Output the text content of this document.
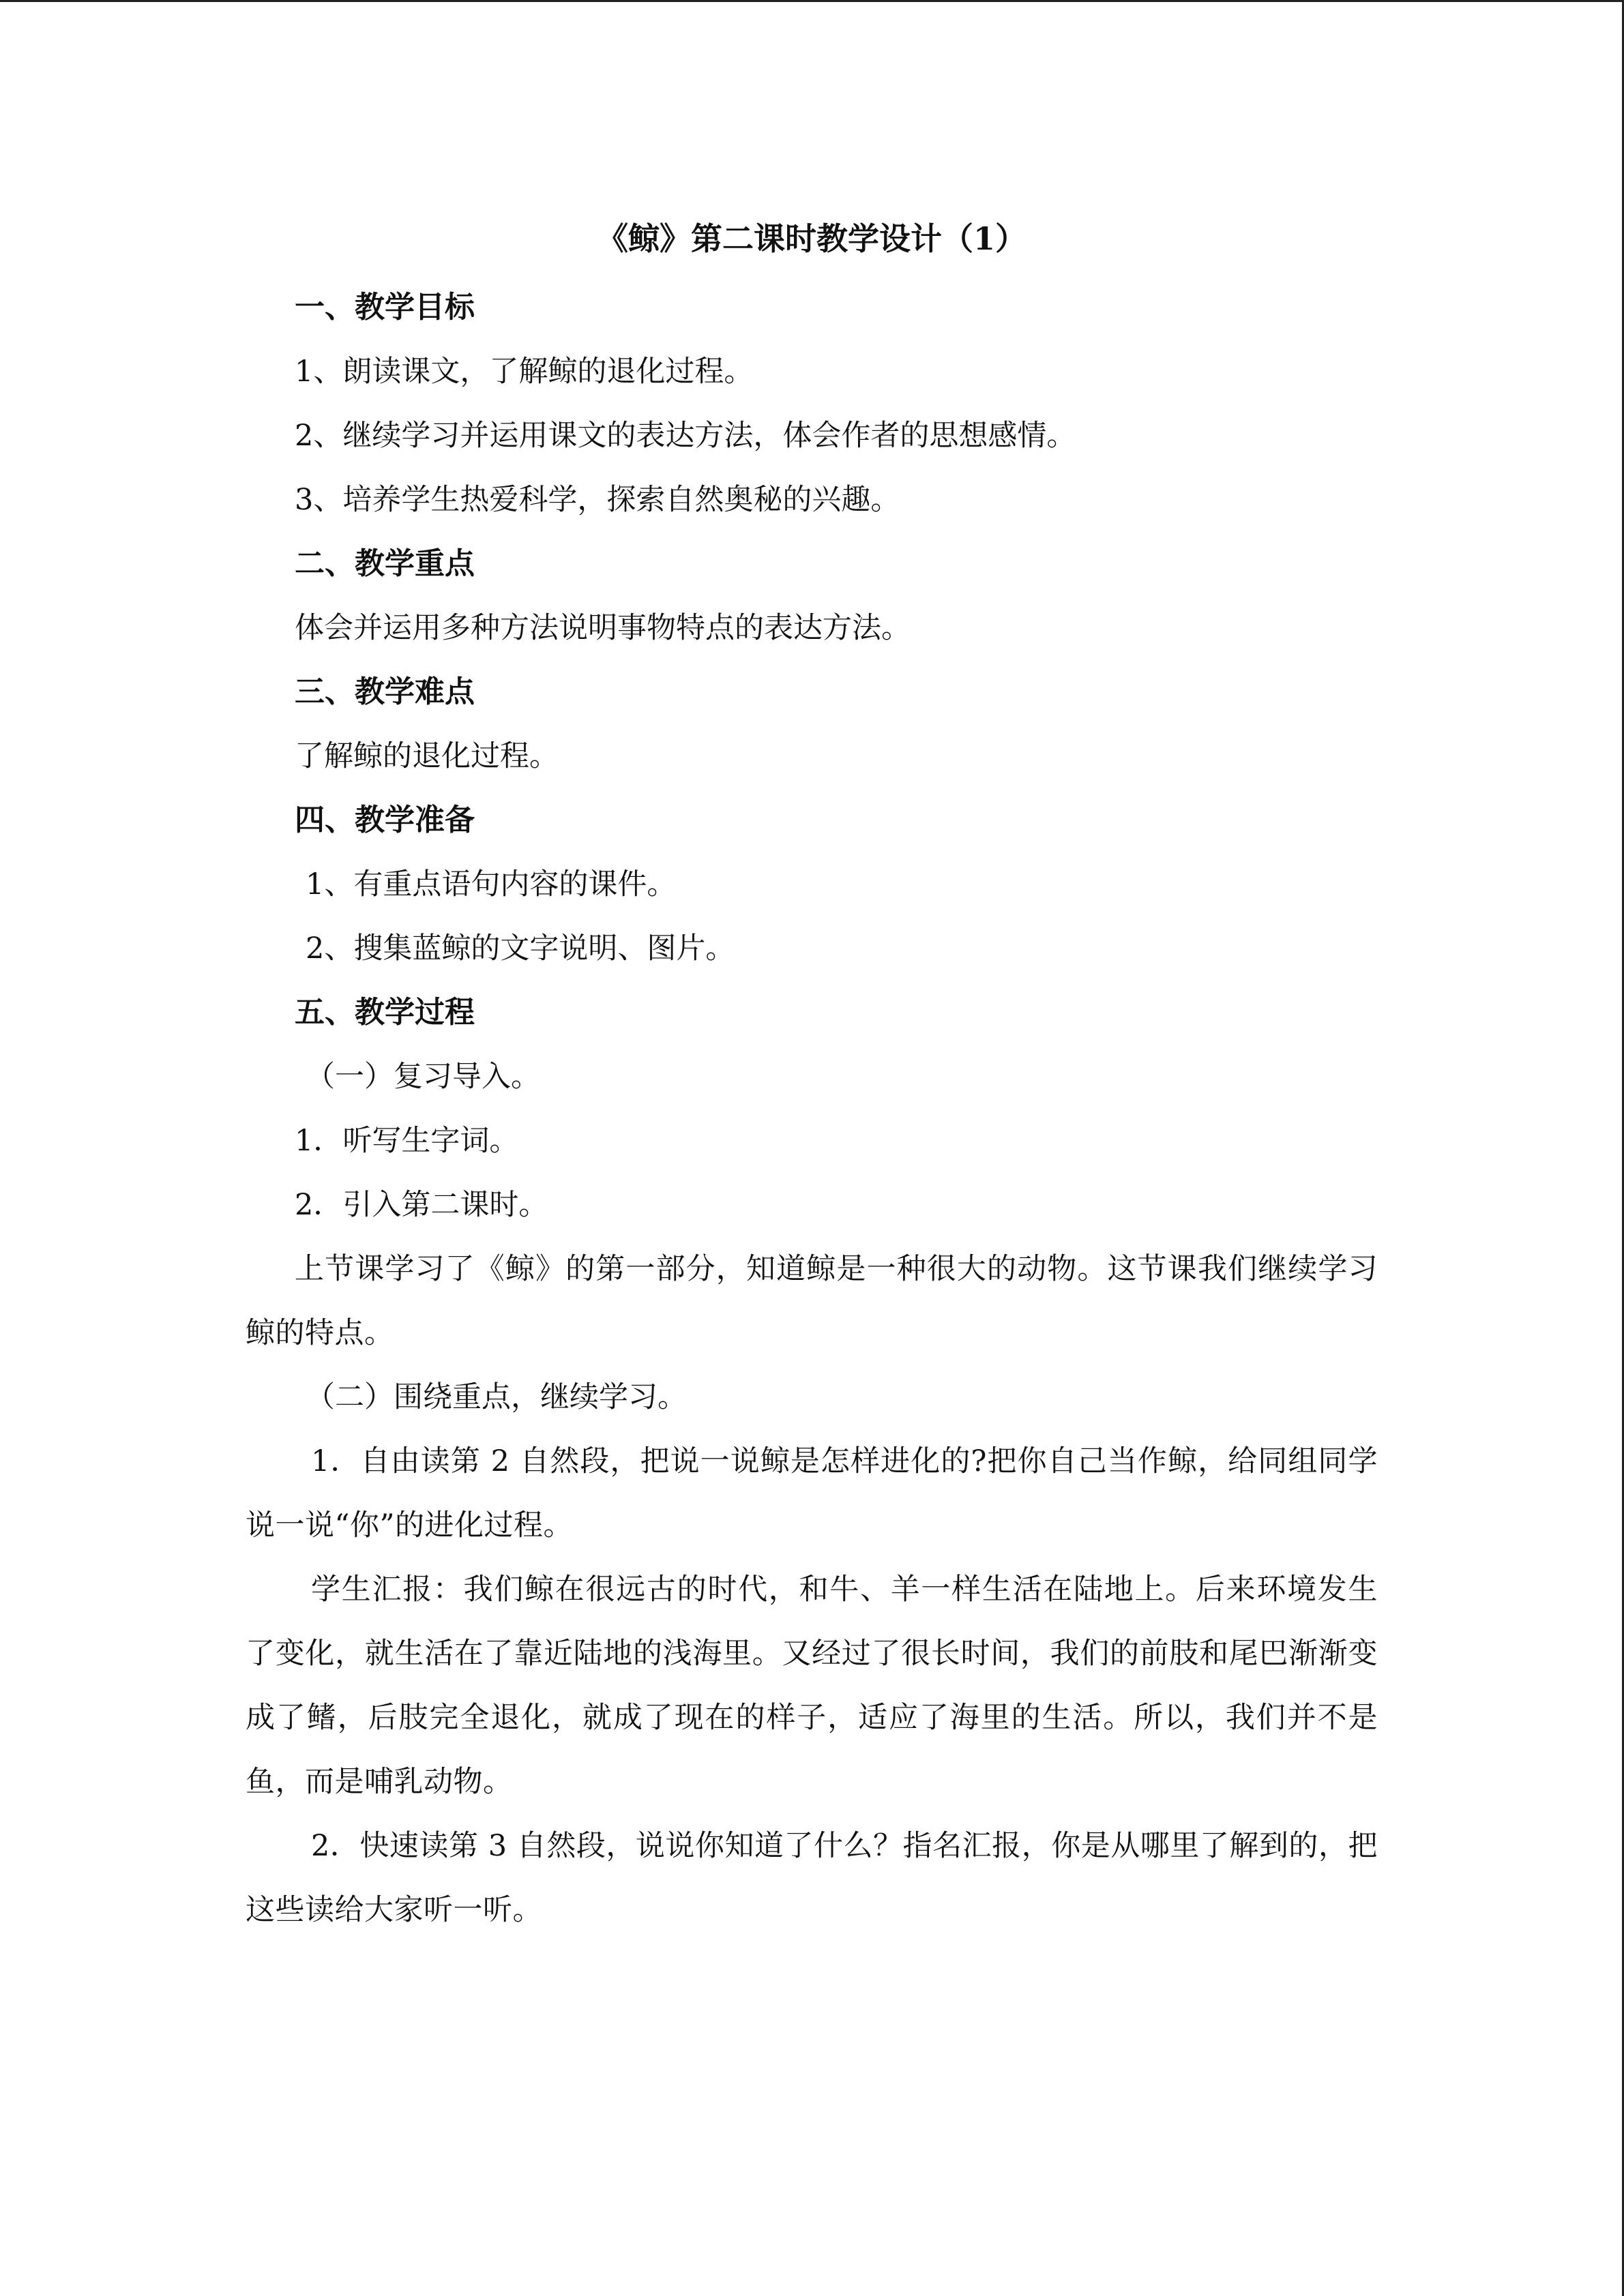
《鲸》第二课时教学设计（1）

一、教学目标

1、朗读课文，了解鲸的退化过程。

2、继续学习并运用课文的表达方法，体会作者的思想感情。

3、培养学生热爱科学，探索自然奥秘的兴趣。

二、教学重点

体会并运用多种方法说明事物特点的表达方法。

三、教学难点

了解鲸的退化过程。

四、教学准备

1、有重点语句内容的课件。

2、搜集蓝鲸的文字说明、图片。

五、教学过程

（一）复习导入。

1．听写生字词。

2．引入第二课时。

上节课学习了《鲸》的第一部分，知道鲸是一种很大的动物。这节课我们继续学习鲸的特点。

（二）围绕重点，继续学习。

1．自由读第 2 自然段，把说一说鲸是怎样进化的?把你自己当作鲸，给同组同学说一说“你”的进化过程。

学生汇报：我们鲸在很远古的时代，和牛、羊一样生活在陆地上。后来环境发生了变化，就生活在了靠近陆地的浅海里。又经过了很长时间，我们的前肢和尾巴渐渐变成了鳍，后肢完全退化，就成了现在的样子，适应了海里的生活。所以，我们并不是鱼，而是哺乳动物。

2．快速读第 3 自然段，说说你知道了什么？指名汇报，你是从哪里了解到的，把这些读给大家听一听。
